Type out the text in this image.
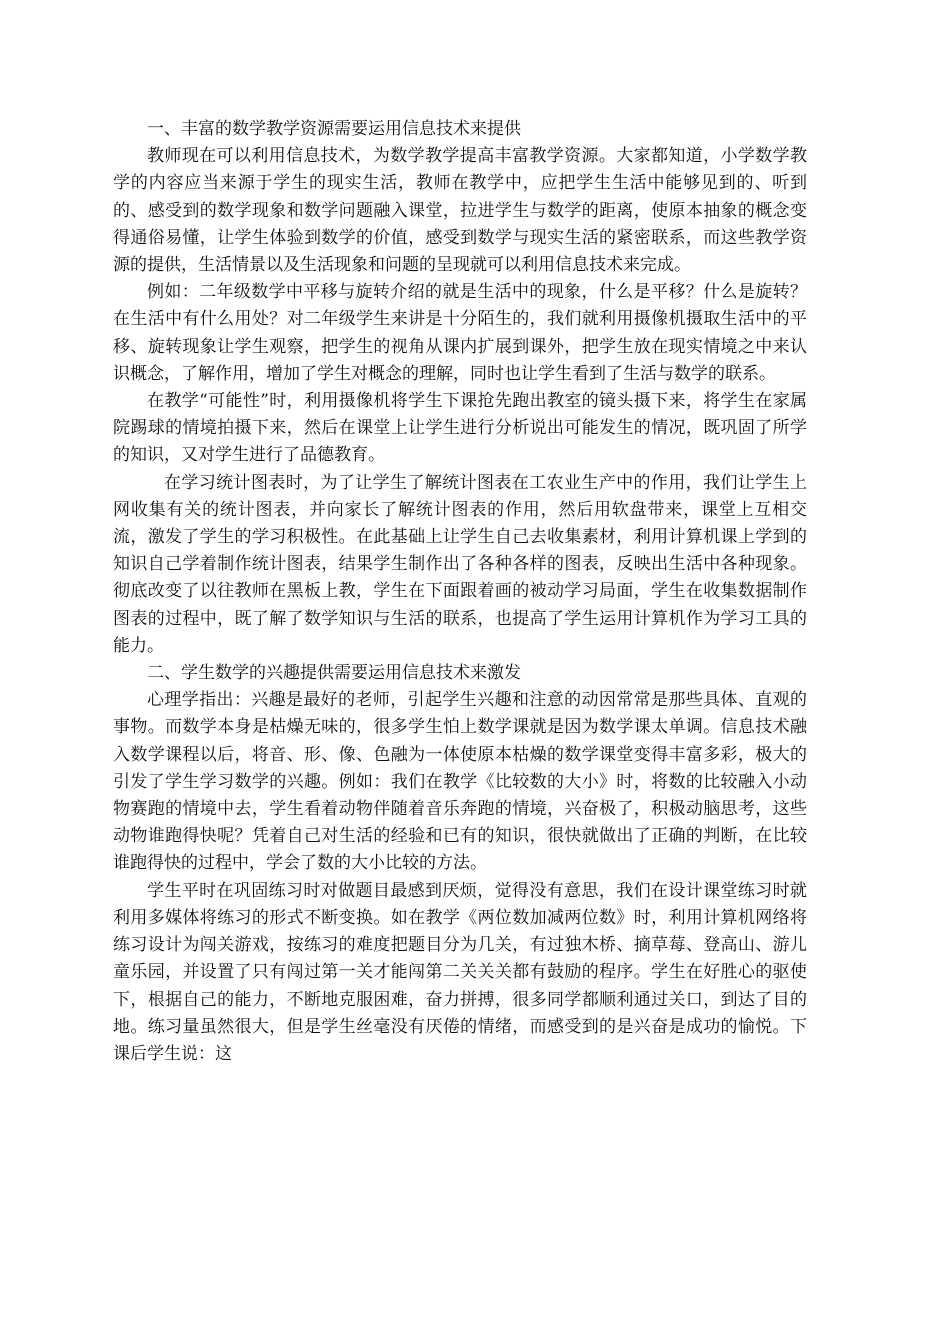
一、丰富的数学教学资源需要运用信息技术来提供

教师现在可以利用信息技术，为数学教学提高丰富教学资源。大家都知道，小学数学教学的内容应当来源于学生的现实生活，教师在教学中，应把学生生活中能够见到的、听到的、感受到的数学现象和数学问题融入课堂，拉进学生与数学的距离，使原本抽象的概念变得通俗易懂，让学生体验到数学的价值，感受到数学与现实生活的紧密联系，而这些教学资源的提供，生活情景以及生活现象和问题的呈现就可以利用信息技术来完成。

例如：二年级数学中平移与旋转介绍的就是生活中的现象，什么是平移？什么是旋转？在生活中有什么用处？对二年级学生来讲是十分陌生的，我们就利用摄像机摄取生活中的平移、旋转现象让学生观察，把学生的视角从课内扩展到课外，把学生放在现实情境之中来认识概念，了解作用，增加了学生对概念的理解，同时也让学生看到了生活与数学的联系。

在教学“可能性”时，利用摄像机将学生下课抢先跑出教室的镜头摄下来，将学生在家属院踢球的情境拍摄下来，然后在课堂上让学生进行分析说出可能发生的情况，既巩固了所学的知识，又对学生进行了品德教育。

在学习统计图表时，为了让学生了解统计图表在工农业生产中的作用，我们让学生上网收集有关的统计图表，并向家长了解统计图表的作用，然后用软盘带来，课堂上互相交流，激发了学生的学习积极性。在此基础上让学生自己去收集素材，利用计算机课上学到的知识自己学着制作统计图表，结果学生制作出了各种各样的图表，反映出生活中各种现象。彻底改变了以往教师在黑板上教，学生在下面跟着画的被动学习局面，学生在收集数据制作图表的过程中，既了解了数学知识与生活的联系，也提高了学生运用计算机作为学习工具的能力。

二、学生数学的兴趣提供需要运用信息技术来激发

心理学指出：兴趣是最好的老师，引起学生兴趣和注意的动因常常是那些具体、直观的事物。而数学本身是枯燥无味的，很多学生怕上数学课就是因为数学课太单调。信息技术融入数学课程以后，将音、形、像、色融为一体使原本枯燥的数学课堂变得丰富多彩，极大的引发了学生学习数学的兴趣。例如：我们在教学《比较数的大小》时，将数的比较融入小动物赛跑的情境中去，学生看着动物伴随着音乐奔跑的情境，兴奋极了，积极动脑思考，这些动物谁跑得快呢？凭着自己对生活的经验和已有的知识，很快就做出了正确的判断，在比较谁跑得快的过程中，学会了数的大小比较的方法。

学生平时在巩固练习时对做题目最感到厌烦，觉得没有意思，我们在设计课堂练习时就利用多媒体将练习的形式不断变换。如在教学《两位数加减两位数》时，利用计算机网络将练习设计为闯关游戏，按练习的难度把题目分为几关，有过独木桥、摘草莓、登高山、游儿童乐园，并设置了只有闯过第一关才能闯第二关关关都有鼓励的程序。学生在好胜心的驱使下，根据自己的能力，不断地克服困难，奋力拼搏，很多同学都顺利通过关口，到达了目的地。练习量虽然很大，但是学生丝毫没有厌倦的情绪，而感受到的是兴奋是成功的愉悦。下课后学生说：这
